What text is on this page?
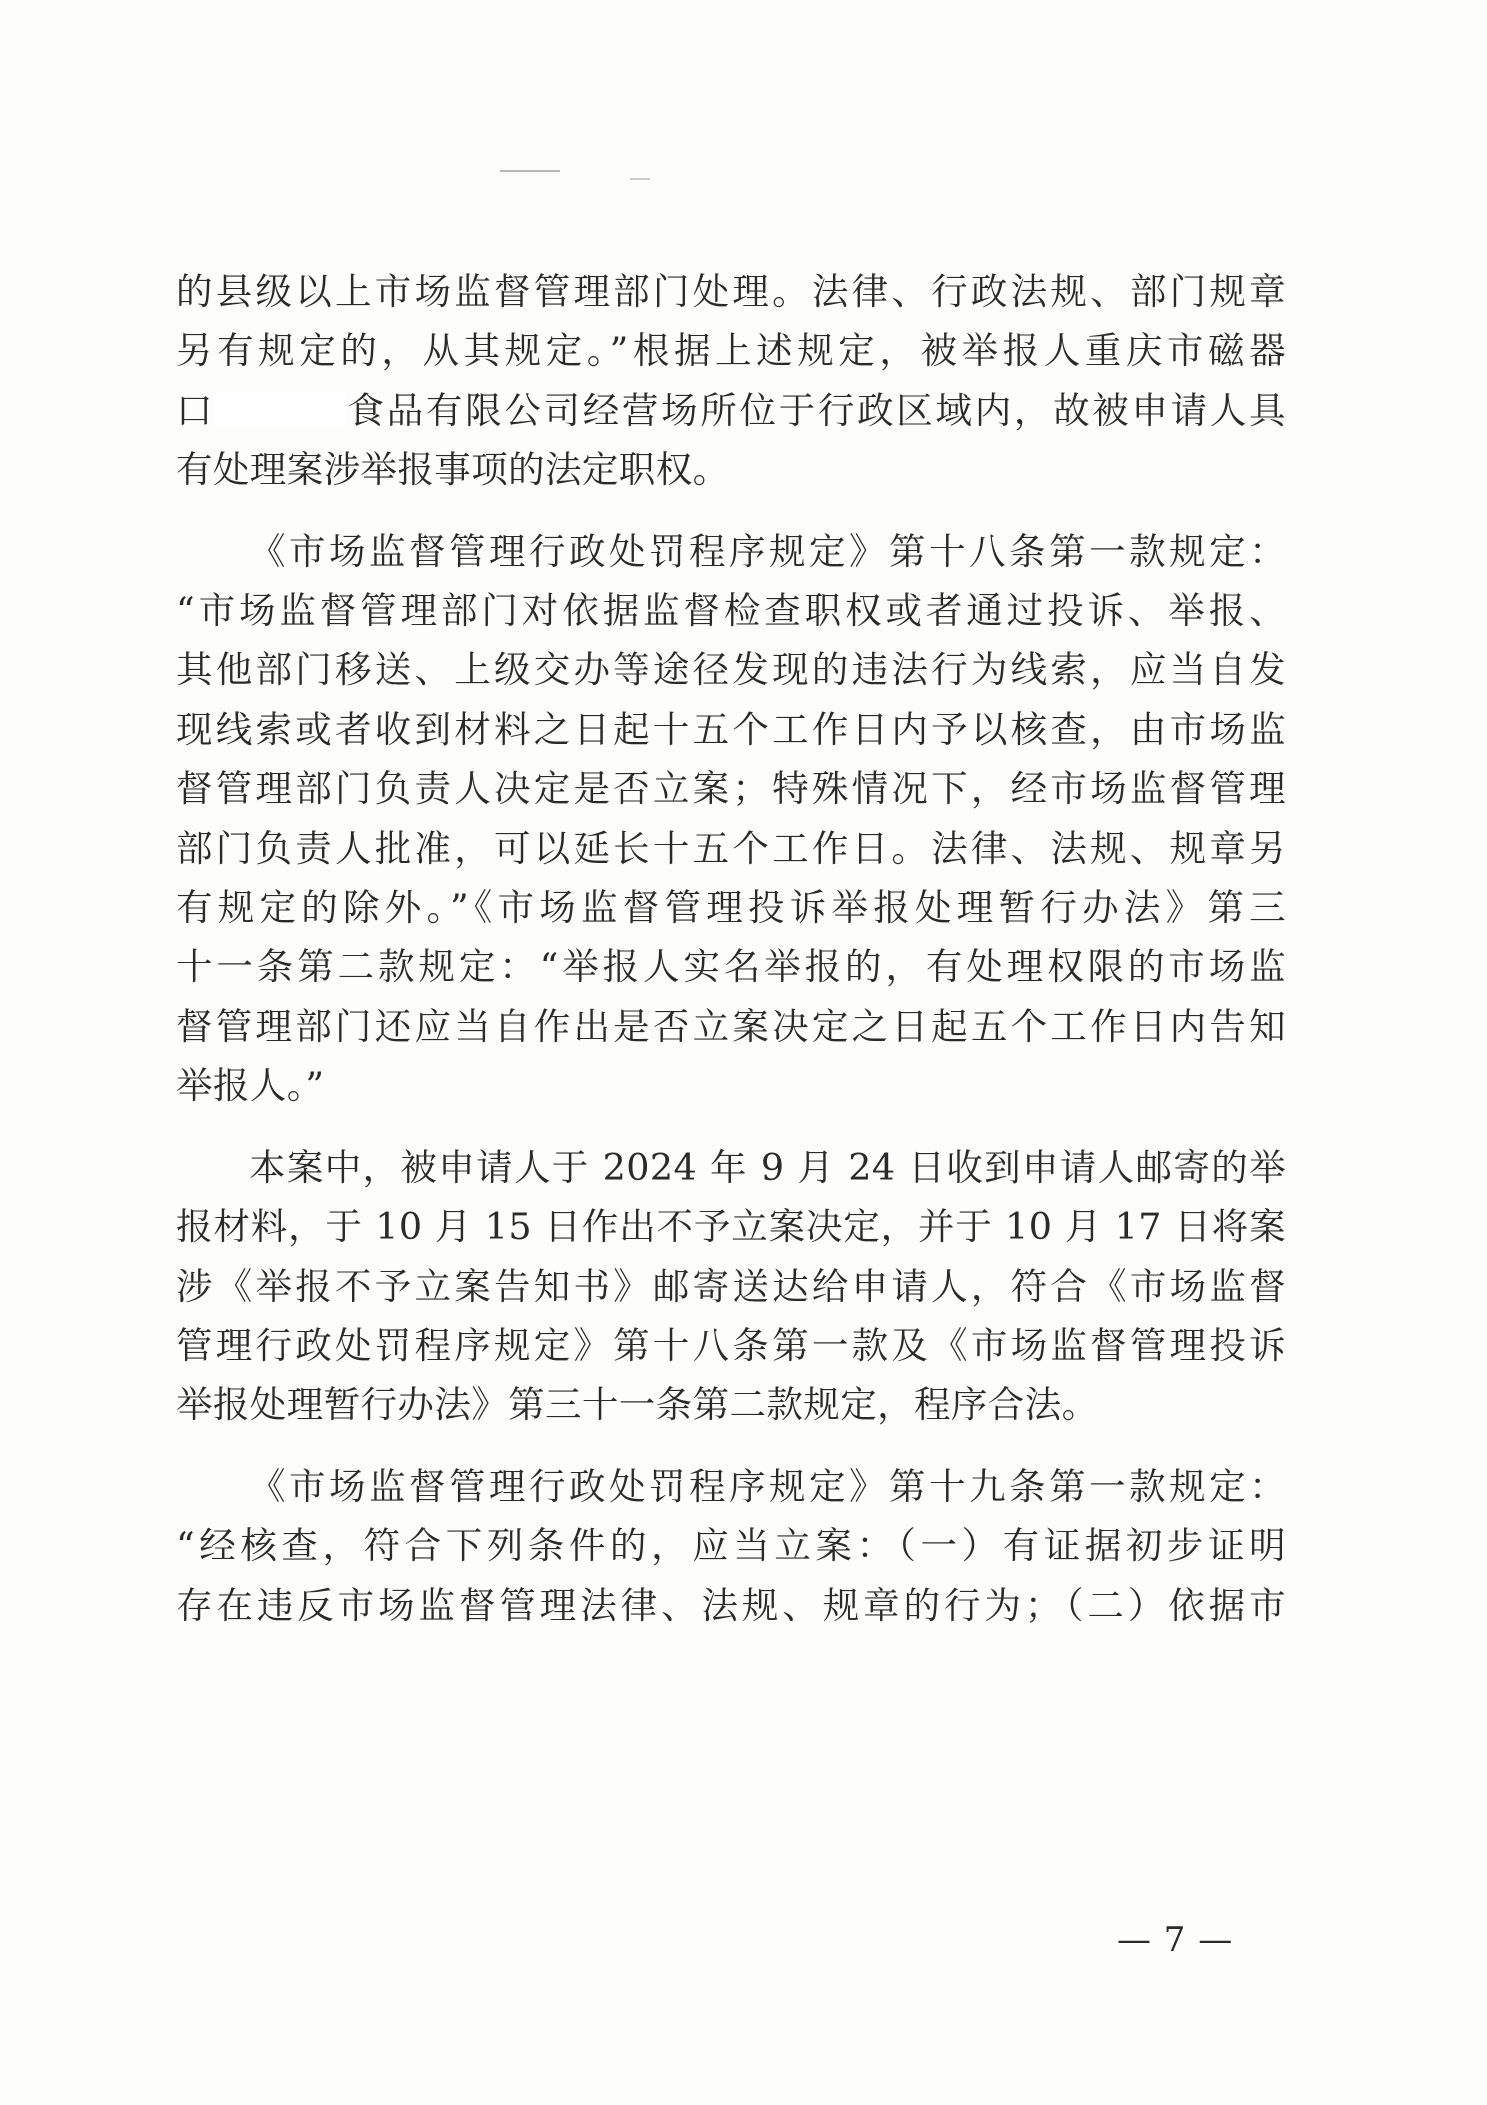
的县级以上市场监督管理部门处理。法律、行政法规、部门规章
另有规定的，从其规定。”根据上述规定，被举报人重庆市磁器
口	食品有限公司经营场所位于行政区域内，故被申请人具
有处理案涉举报事项的法定职权。
《市场监督管理行政处罚程序规定》第十八条第一款规定：
“市场监督管理部门对依据监督检查职权或者通过投诉、举报、
其他部门移送、上级交办等途径发现的违法行为线索，应当自发
现线索或者收到材料之日起十五个工作日内予以核查，由市场监
督管理部门负责人决定是否立案；特殊情况下，经市场监督管理
部门负责人批准，可以延长十五个工作日。法律、法规、规章另
有规定的除外。”《市场监督管理投诉举报处理暂行办法》第三
十一条第二款规定：“举报人实名举报的，有处理权限的市场监
督管理部门还应当自作出是否立案决定之日起五个工作日内告知
举报人。”
本案中，被申请人于 2024 年 9 月 24 日收到申请人邮寄的举
报材料，于 10 月 15 日作出不予立案决定，并于 10 月 17 日将案
涉《举报不予立案告知书》邮寄送达给申请人，符合《市场监督
管理行政处罚程序规定》第十八条第一款及《市场监督管理投诉
举报处理暂行办法》第三十一条第二款规定，程序合法。
《市场监督管理行政处罚程序规定》第十九条第一款规定：
“经核查，符合下列条件的，应当立案：（一）有证据初步证明
存在违反市场监督管理法律、法规、规章的行为；（二）依据市
— 7 —
